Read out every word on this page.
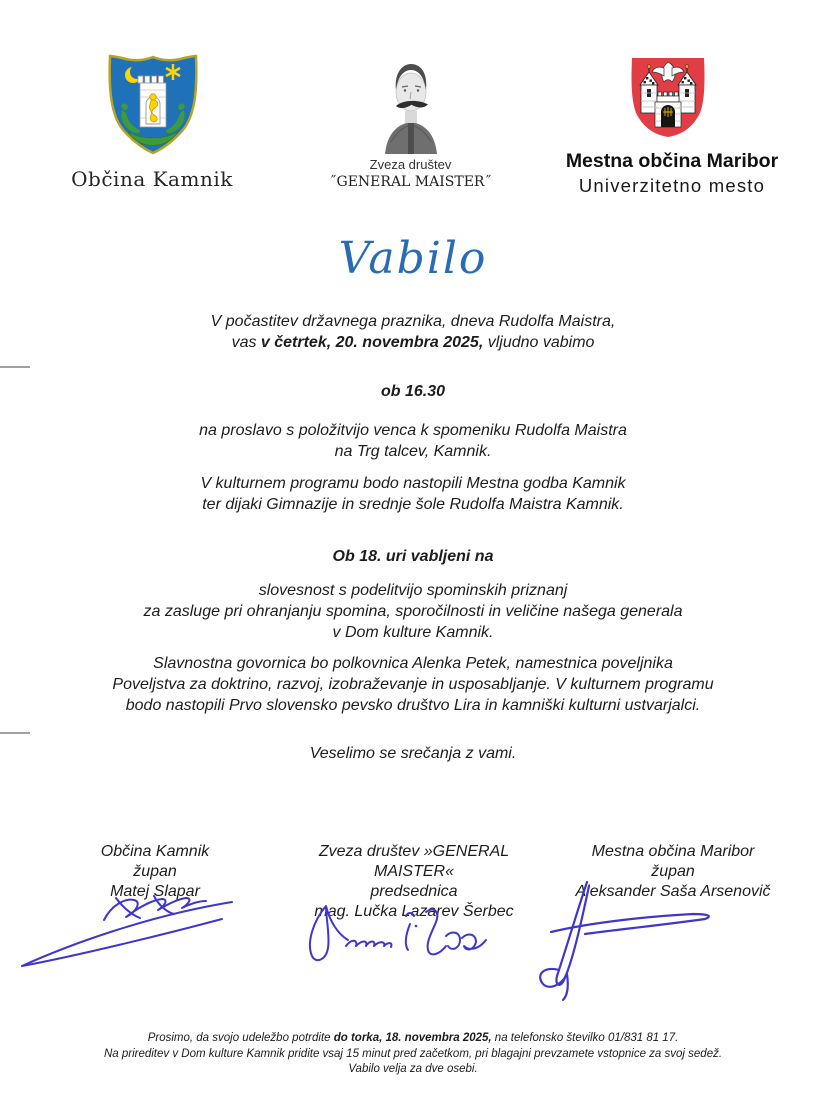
Občina Kamnik
Zveza društev
˝GENERAL MAISTER˝
Mestna občina Maribor
Univerzitetno mesto
Vabilo
V počastitev državnega praznika, dneva Rudolfa Maistra,
vas v četrtek, 20. novembra 2025, vljudno vabimo
ob 16.30
na proslavo s položitvijo venca k spomeniku Rudolfa Maistra
na Trg talcev, Kamnik.
V kulturnem programu bodo nastopili Mestna godba Kamnik
ter dijaki Gimnazije in srednje šole Rudolfa Maistra Kamnik.
Ob 18. uri vabljeni na
slovesnost s podelitvijo spominskih priznanj
za zasluge pri ohranjanju spomina, sporočilnosti in veličine našega generala
v Dom kulture Kamnik.
Slavnostna govornica bo polkovnica Alenka Petek, namestnica poveljnika
Poveljstva za doktrino, razvoj, izobraževanje in usposabljanje. V kulturnem programu
bodo nastopili Prvo slovensko pevsko društvo Lira in kamniški kulturni ustvarjalci.
Veselimo se srečanja z vami.
Občina Kamnik
župan
Matej Slapar
Zveza društev »GENERAL MAISTER«
predsednica
mag. Lučka Lazarev Šerbec
Mestna občina Maribor
župan
Aleksander Saša Arsenovič
Prosimo, da svojo udeležbo potrdite do torka, 18. novembra 2025, na telefonsko številko 01/831 81 17.
Na prireditev v Dom kulture Kamnik pridite vsaj 15 minut pred začetkom, pri blagajni prevzamete vstopnice za svoj sedež.
Vabilo velja za dve osebi.
